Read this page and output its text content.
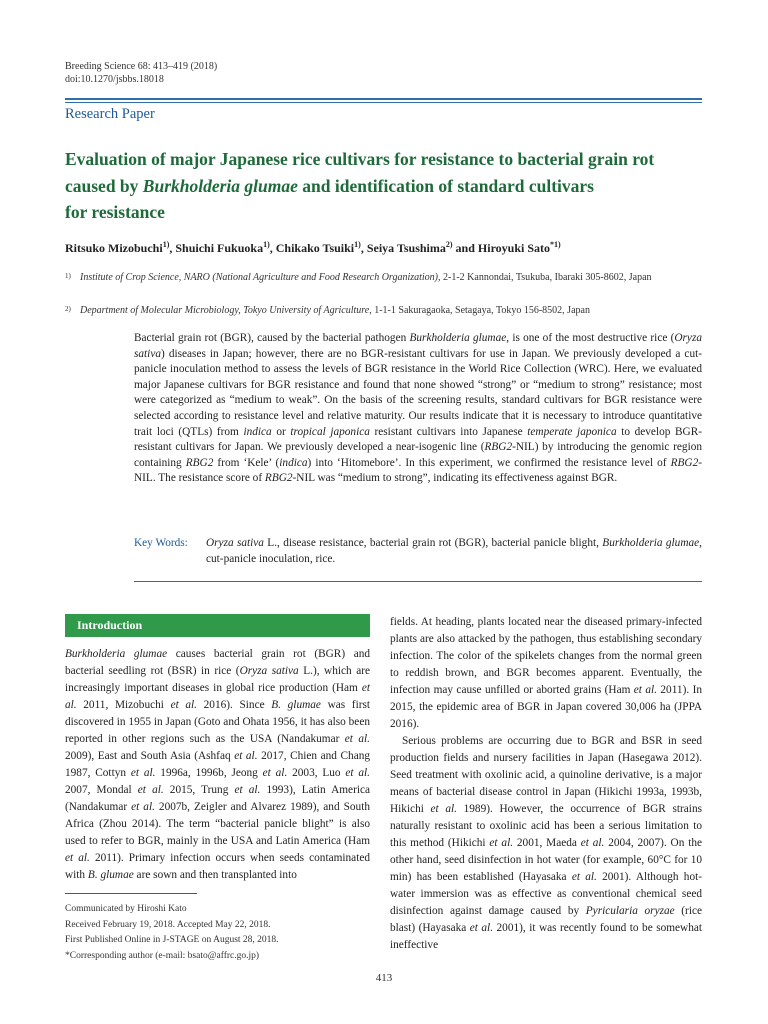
Breeding Science 68: 413–419 (2018)
doi:10.1270/jsbbs.18018
Research Paper
Evaluation of major Japanese rice cultivars for resistance to bacterial grain rot
caused by Burkholderia glumae and identification of standard cultivars
for resistance
Ritsuko Mizobuchi$^{1)}$, Shuichi Fukuoka$^{1)}$, Chikako Tsuiki$^{1)}$, Seiya Tsushima$^{2)}$ and Hiroyuki Sato$^{*1)}$
1) Institute of Crop Science, NARO (National Agriculture and Food Research Organization), 2-1-2 Kannondai, Tsukuba, Ibaraki 305-8602, Japan
2) Department of Molecular Microbiology, Tokyo University of Agriculture, 1-1-1 Sakuragaoka, Setagaya, Tokyo 156-8502, Japan
Bacterial grain rot (BGR), caused by the bacterial pathogen Burkholderia glumae, is one of the most destructive rice (Oryza sativa) diseases in Japan; however, there are no BGR-resistant cultivars for use in Japan. We previously developed a cut-panicle inoculation method to assess the levels of BGR resistance in the World Rice Collection (WRC). Here, we evaluated major Japanese cultivars for BGR resistance and found that none showed “strong” or “medium to strong” resistance; most were categorized as “medium to weak”. On the basis of the screening results, standard cultivars for BGR resistance were selected according to resistance level and relative maturity. Our results indicate that it is necessary to introduce quantitative trait loci (QTLs) from indica or tropical japonica resistant cultivars into Japanese temperate japonica to develop BGR-resistant cultivars for Japan. We previously developed a near-isogenic line (RBG2-NIL) by introducing the genomic region containing RBG2 from ‘Kele’ (indica) into ‘Hitomebore’. In this experiment, we confirmed the resistance level of RBG2-NIL. The resistance score of RBG2-NIL was “medium to strong”, indicating its effectiveness against BGR.
Key Words:	Oryza sativa L., disease resistance, bacterial grain rot (BGR), bacterial panicle blight, Burkholderia glumae, cut-panicle inoculation, rice.
Introduction

Burkholderia glumae causes bacterial grain rot (BGR) and bacterial seedling rot (BSR) in rice (Oryza sativa L.), which are increasingly important diseases in global rice production (Ham et al. 2011, Mizobuchi et al. 2016). Since B. glumae was first discovered in 1955 in Japan (Goto and Ohata 1956, it has also been reported in other regions such as the USA (Nandakumar et al. 2009), East and South Asia (Ashfaq et al. 2017, Chien and Chang 1987, Cottyn et al. 1996a, 1996b, Jeong et al. 2003, Luo et al. 2007, Mondal et al. 2015, Trung et al. 1993), Latin America (Nandakumar et al. 2007b, Zeigler and Alvarez 1989), and South Africa (Zhou 2014). The term “bacterial panicle blight” is also used to refer to BGR, mainly in the USA and Latin America (Ham et al. 2011). Primary infection occurs when seeds contaminated with B. glumae are sown and then transplanted into

fields. At heading, plants located near the diseased primary-infected plants are also attacked by the pathogen, thus establishing secondary infection. The color of the spikelets changes from the normal green to reddish brown, and BGR becomes apparent. Eventually, the infection may cause unfilled or aborted grains (Ham et al. 2011). In 2015, the epidemic area of BGR in Japan covered 30,006 ha (JPPA 2016).

Serious problems are occurring due to BGR and BSR in seed production fields and nursery facilities in Japan (Hasegawa 2012). Seed treatment with oxolinic acid, a quinoline derivative, is a major means of bacterial disease control in Japan (Hikichi 1993a, 1993b, Hikichi et al. 1989). However, the occurrence of BGR strains naturally resistant to oxolinic acid has been a serious limitation to this method (Hikichi et al. 2001, Maeda et al. 2004, 2007). On the other hand, seed disinfection in hot water (for example, 60°C for 10 min) has been established (Hayasaka et al. 2001). Although hot-water immersion was as effective as conventional chemical seed disinfection against damage caused by Pyricularia oryzae (rice blast) (Hayasaka et al. 2001), it was recently found to be somewhat ineffective

Communicated by Hiroshi Kato
Received February 19, 2018. Accepted May 22, 2018.
First Published Online in J-STAGE on August 28, 2018.
*Corresponding author (e-mail: bsato@affrc.go.jp)
413
